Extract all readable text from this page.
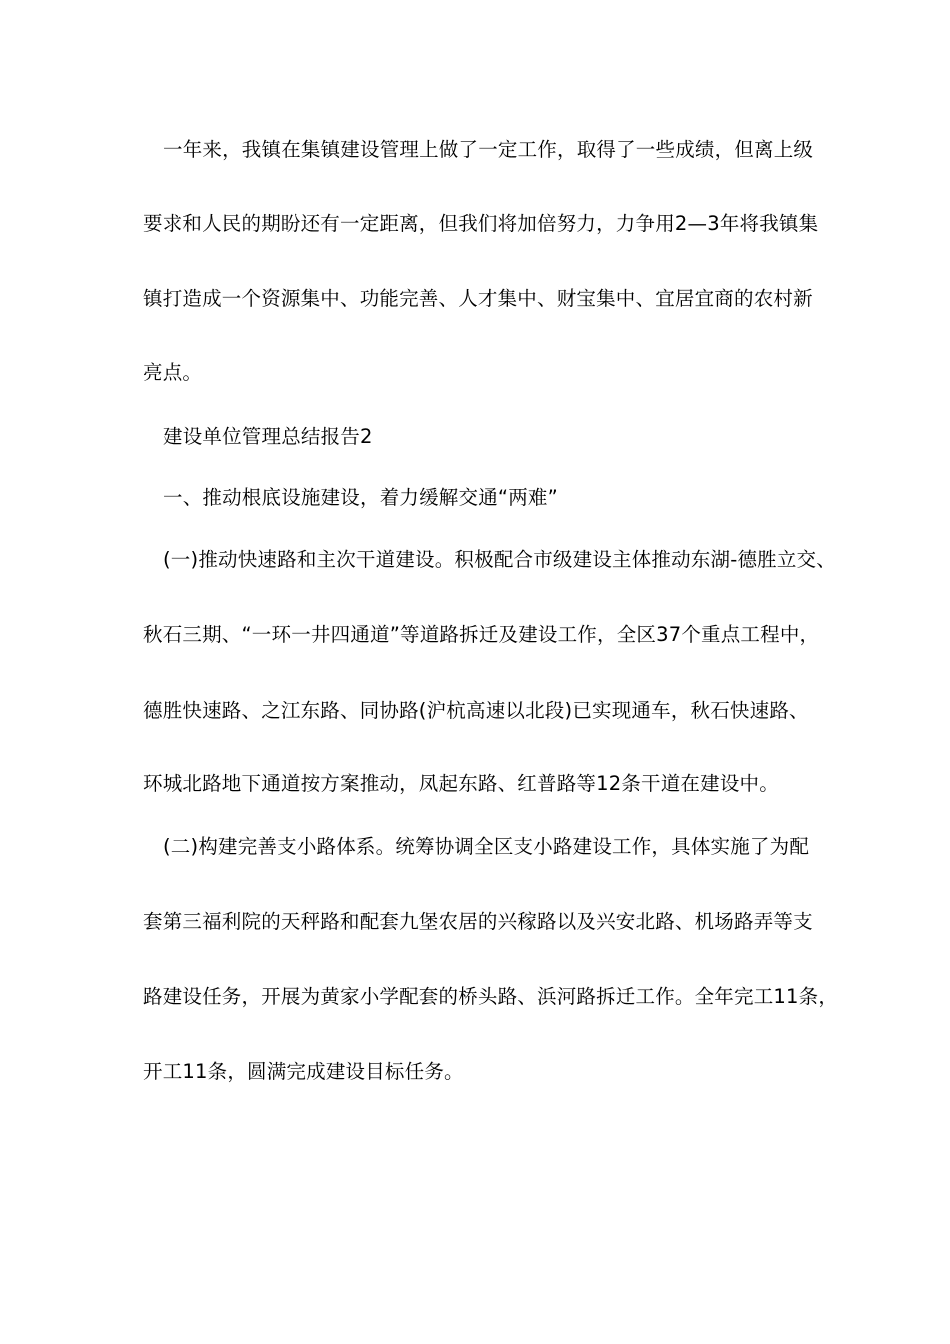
一年来，我镇在集镇建设管理上做了一定工作，取得了一些成绩，但离上级
要求和人民的期盼还有一定距离，但我们将加倍努力，力争用2—3年将我镇集
镇打造成一个资源集中、功能完善、人才集中、财宝集中、宜居宜商的农村新
亮点。
建设单位管理总结报告2
一、推动根底设施建设，着力缓解交通“两难”
(一)推动快速路和主次干道建设。积极配合市级建设主体推动东湖-德胜立交、
秋石三期、“一环一井四通道”等道路拆迁及建设工作，全区37个重点工程中，
德胜快速路、之江东路、同协路(沪杭高速以北段)已实现通车，秋石快速路、
环城北路地下通道按方案推动，凤起东路、红普路等12条干道在建设中。
(二)构建完善支小路体系。统筹协调全区支小路建设工作，具体实施了为配
套第三福利院的天秤路和配套九堡农居的兴稼路以及兴安北路、机场路弄等支
路建设任务，开展为黄家小学配套的桥头路、浜河路拆迁工作。全年完工11条，
开工11条，圆满完成建设目标任务。
